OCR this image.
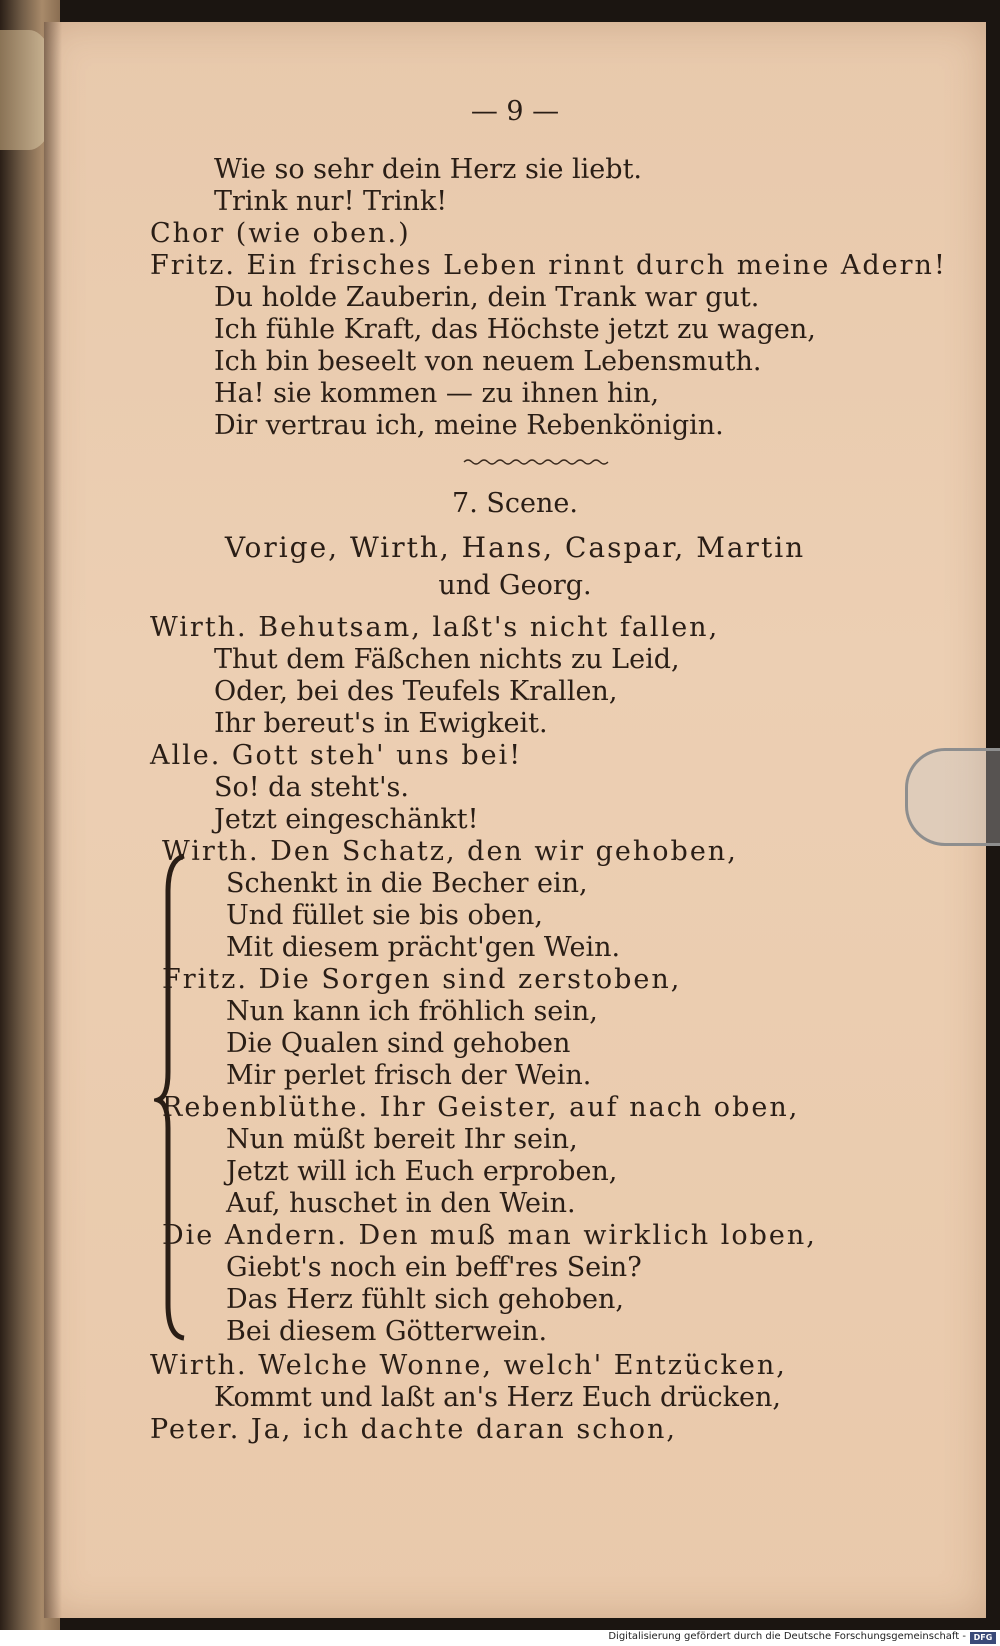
— 9 —
Wie so sehr dein Herz sie liebt.
Trink nur! Trink!
Chor (wie oben.)
Fritz. Ein frisches Leben rinnt durch meine Adern!
Du holde Zauberin, dein Trank war gut.
Ich fühle Kraft, das Höchste jetzt zu wagen,
Ich bin beseelt von neuem Lebensmuth.
Ha! sie kommen — zu ihnen hin,
Dir vertrau ich, meine Rebenkönigin.
7. Scene.
Vorige, Wirth, Hans, Caspar, Martin
und Georg.
Wirth. Behutsam, laßt's nicht fallen,
Thut dem Fäßchen nichts zu Leid,
Oder, bei des Teufels Krallen,
Ihr bereut's in Ewigkeit.
Alle. Gott steh' uns bei!
So! da steht's.
Jetzt eingeschänkt!
Wirth. Den Schatz, den wir gehoben,
Schenkt in die Becher ein,
Und füllet sie bis oben,
Mit diesem prächt'gen Wein.
Fritz. Die Sorgen sind zerstoben,
Nun kann ich fröhlich sein,
Die Qualen sind gehoben
Mir perlet frisch der Wein.
Rebenblüthe. Ihr Geister, auf nach oben,
Nun müßt bereit Ihr sein,
Jetzt will ich Euch erproben,
Auf, huschet in den Wein.
Die Andern. Den muß man wirklich loben,
Giebt's noch ein beff'res Sein?
Das Herz fühlt sich gehoben,
Bei diesem Götterwein.
Wirth. Welche Wonne, welch' Entzücken,
Kommt und laßt an's Herz Euch drücken,
Peter. Ja, ich dachte daran schon,
Digitalisierung gefördert durch die Deutsche Forschungsgemeinschaft - DFG
